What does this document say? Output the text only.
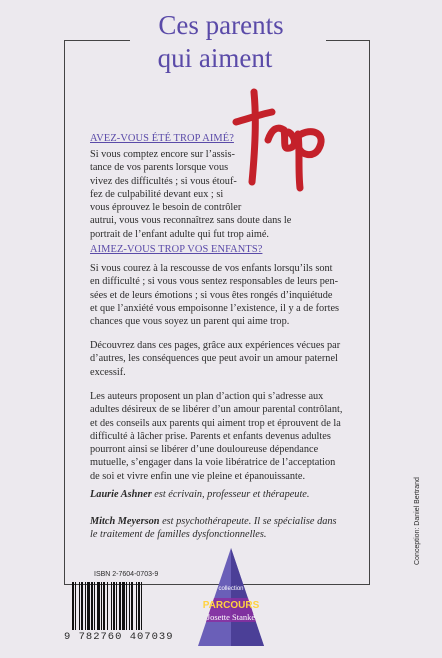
Ces parents
qui aiment
AVEZ-VOUS ÉTÉ TROP AIMÉ?
Si vous comptez encore sur l’assis-
tance de vos parents lorsque vous
vivez des difficultés ; si vous étouf-
fez de culpabilité devant eux ; si
vous éprouvez le besoin de contrôler
autrui, vous vous reconnaîtrez sans doute dans le
portrait de l’enfant adulte qui fut trop aimé.
AIMEZ-VOUS TROP VOS ENFANTS?
Si vous courez à la rescousse de vos enfants lorsqu’ils sont
en difficulté ; si vous vous sentez responsables de leurs pen-
sées et de leurs émotions ; si vous êtes rongés d’inquiétude
et que l’anxiété vous empoisonne l’existence, il y a de fortes
chances que vous soyez un parent qui aime trop.
Découvrez dans ces pages, grâce aux expériences vécues par
d’autres, les conséquences que peut avoir un amour paternel
excessif.
Les auteurs proposent un plan d’action qui s’adresse aux
adultes désireux de se libérer d’un amour parental contrôlant,
et des conseils aux parents qui aiment trop et éprouvent de la
difficulté à lâcher prise. Parents et enfants devenus adultes
pourront ainsi se libérer d’une douloureuse dépendance
mutuelle, s’engager dans la voie libératrice de l’acceptation
de soi et vivre enfin une vie pleine et épanouissante.
Laurie Ashner est écrivain, professeur et thérapeute.
Mitch Meyerson est psychothérapeute. Il se spécialise dans
le traitement de familles dysfonctionnelles.
ISBN 2-7604-0703-9
9 782760 407039
collection
PARCOURS
Josette Stanké
Conception: Daniel Bertrand
